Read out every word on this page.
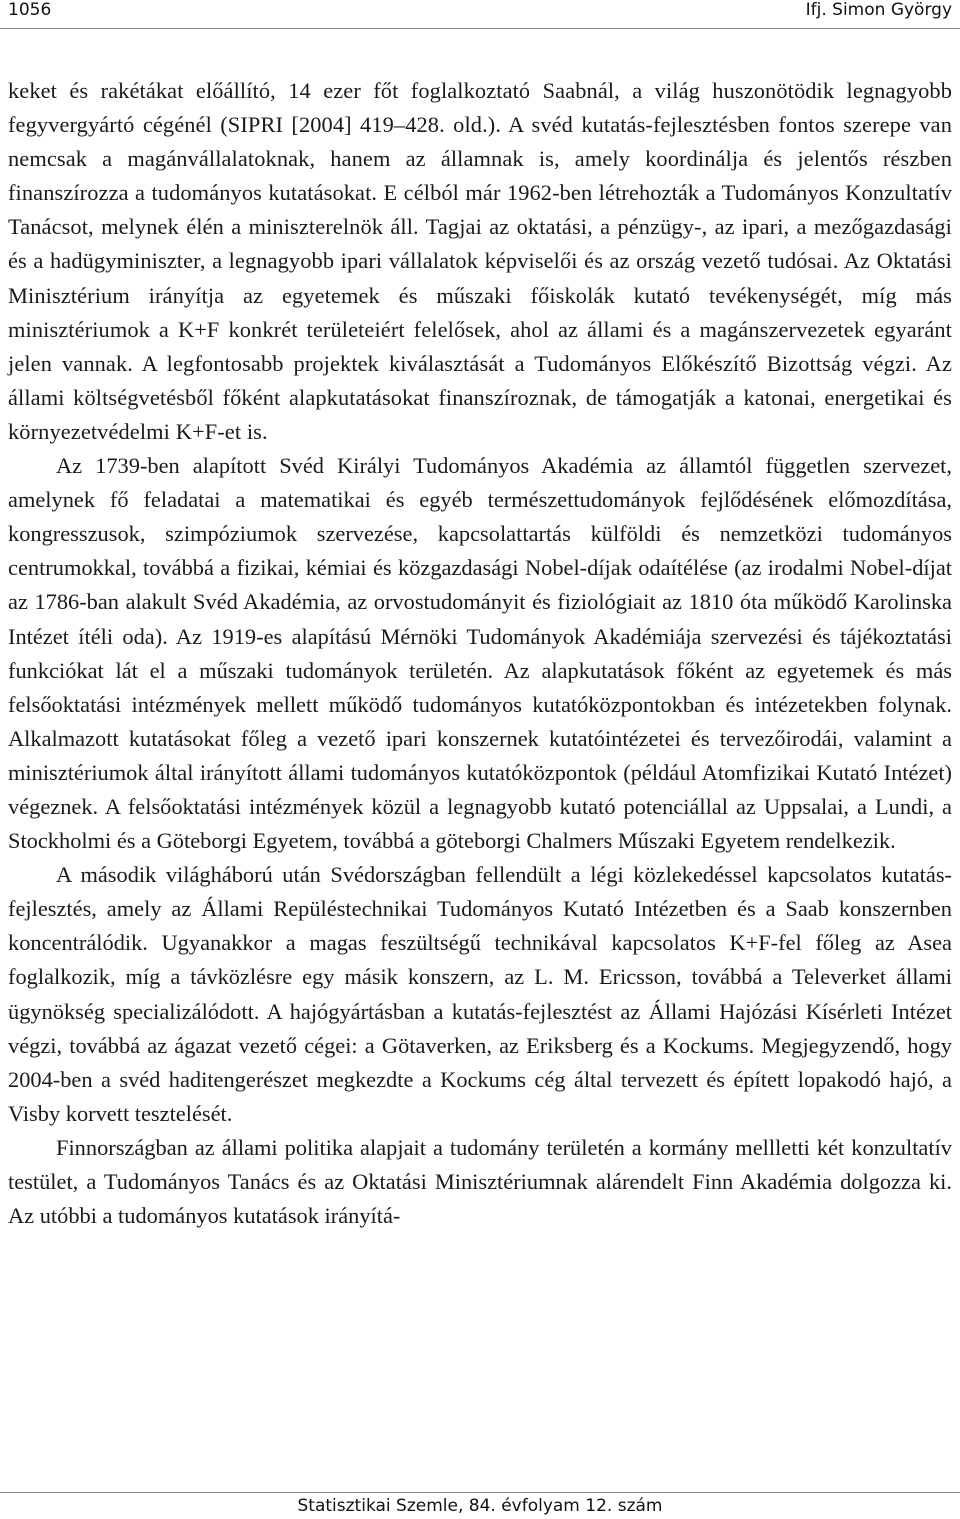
1056	Ifj. Simon György

keket és rakétákat előállító, 14 ezer főt foglalkoztató Saabnál, a világ huszonötödik legnagyobb fegyvergyártó cégénél (SIPRI [2004] 419–428. old.). A svéd kutatás-fejlesztésben fontos szerepe van nemcsak a magánvállalatoknak, hanem az államnak is, amely koordinálja és jelentős részben finanszírozza a tudományos kutatásokat. E célból már 1962-ben létrehozták a Tudományos Konzultatív Tanácsot, melynek élén a miniszterelnök áll. Tagjai az oktatási, a pénzügy-, az ipari, a mezőgazdasági és a hadügyminiszter, a legnagyobb ipari vállalatok képviselői és az ország vezető tudósai. Az Oktatási Minisztérium irányítja az egyetemek és műszaki főiskolák kutató tevékenységét, míg más minisztériumok a K+F konkrét területeiért felelősek, ahol az állami és a magánszervezetek egyaránt jelen vannak. A legfontosabb projektek kiválasztását a Tudományos Előkészítő Bizottság végzi. Az állami költségvetésből főként alapkutatásokat finanszíroznak, de támogatják a katonai, energetikai és környezetvédelmi K+F-et is.

Az 1739-ben alapított Svéd Királyi Tudományos Akadémia az államtól független szervezet, amelynek fő feladatai a matematikai és egyéb természettudományok fejlődésének előmozdítása, kongresszusok, szimpóziumok szervezése, kapcsolattartás külföldi és nemzetközi tudományos centrumokkal, továbbá a fizikai, kémiai és közgazdasági Nobel-díjak odaítélése (az irodalmi Nobel-díjat az 1786-ban alakult Svéd Akadémia, az orvostudományit és fiziológiait az 1810 óta működő Karolinska Intézet ítéli oda). Az 1919-es alapítású Mérnöki Tudományok Akadémiája szervezési és tájékoztatási funkciókat lát el a műszaki tudományok területén. Az alapkutatások főként az egyetemek és más felsőoktatási intézmények mellett működő tudományos kutatóközpontokban és intézetekben folynak. Alkalmazott kutatásokat főleg a vezető ipari konszernek kutatóintézetei és tervezőirodái, valamint a minisztériumok által irányított állami tudományos kutatóközpontok (például Atomfizikai Kutató Intézet) végeznek. A felsőoktatási intézmények közül a legnagyobb kutató potenciállal az Uppsalai, a Lundi, a Stockholmi és a Göteborgi Egyetem, továbbá a göteborgi Chalmers Műszaki Egyetem rendelkezik.

A második világháború után Svédországban fellendült a légi közlekedéssel kapcsolatos kutatás-fejlesztés, amely az Állami Repüléstechnikai Tudományos Kutató Intézetben és a Saab konszernben koncentrálódik. Ugyanakkor a magas feszültségű technikával kapcsolatos K+F-fel főleg az Asea foglalkozik, míg a távközlésre egy másik konszern, az L. M. Ericsson, továbbá a Televerket állami ügynökség specializálódott. A hajógyártásban a kutatás-fejlesztést az Állami Hajózási Kísérleti Intézet végzi, továbbá az ágazat vezető cégei: a Götaverken, az Eriksberg és a Kockums. Megjegyzendő, hogy 2004-ben a svéd haditengerészet megkezdte a Kockums cég által tervezett és épített lopakodó hajó, a Visby korvett tesztelését.

Finnországban az állami politika alapjait a tudomány területén a kormány mellletti két konzultatív testület, a Tudományos Tanács és az Oktatási Minisztériumnak alárendelt Finn Akadémia dolgozza ki. Az utóbbi a tudományos kutatások irányítá-

Statisztikai Szemle, 84. évfolyam 12. szám
